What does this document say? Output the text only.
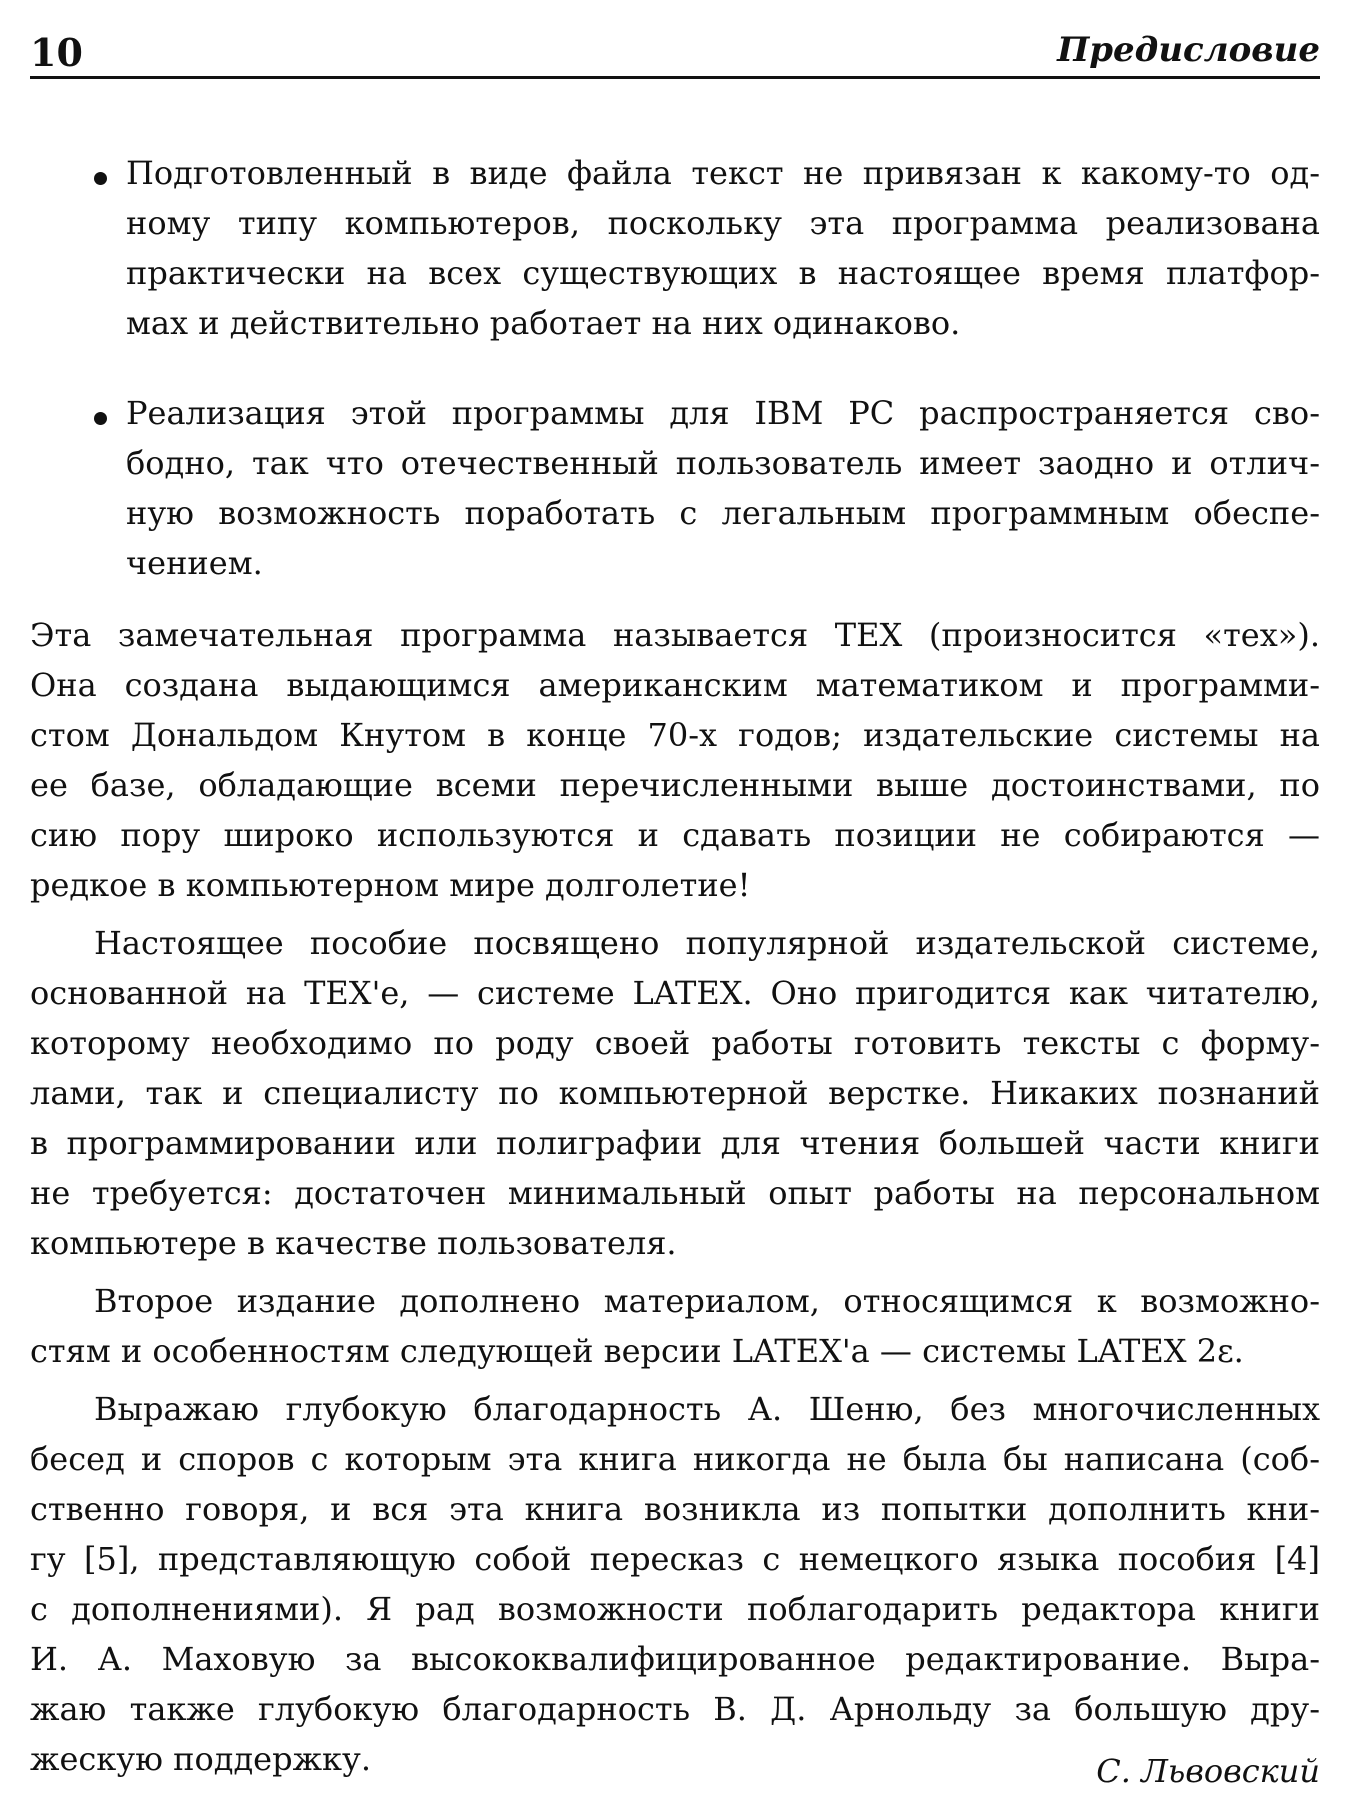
10	Предисловие
Подготовленный в виде файла текст не привязан к какому-то од-
ному типу компьютеров, поскольку эта программа реализована
практически на всех существующих в настоящее время платфор-
мах и действительно работает на них одинаково.
Реализация этой программы для IBM PC распространяется сво-
бодно, так что отечественный пользователь имеет заодно и отлич-
ную возможность поработать с легальным программным обеспе-
чением.
Эта замечательная программа называется TEX (произносится «тех»).
Она создана выдающимся американским математиком и программи-
стом Дональдом Кнутом в конце 70-х годов; издательские системы на
ее базе, обладающие всеми перечисленными выше достоинствами, по
сию пору широко используются и сдавать позиции не собираются —
редкое в компьютерном мире долголетие!
Настоящее пособие посвящено популярной издательской системе,
основанной на TEX'е, — системе LATEX. Оно пригодится как читателю,
которому необходимо по роду своей работы готовить тексты с форму-
лами, так и специалисту по компьютерной верстке. Никаких познаний
в программировании или полиграфии для чтения большей части книги
не требуется: достаточен минимальный опыт работы на персональном
компьютере в качестве пользователя.
Второе издание дополнено материалом, относящимся к возможно-
стям и особенностям следующей версии LATEX'а — системы LATEX 2ε.
Выражаю глубокую благодарность А. Шеню, без многочисленных
бесед и споров с которым эта книга никогда не была бы написана (соб-
ственно говоря, и вся эта книга возникла из попытки дополнить кни-
гу [5], представляющую собой пересказ с немецкого языка пособия [4]
с дополнениями). Я рад возможности поблагодарить редактора книги
И. А. Маховую за высококвалифицированное редактирование. Выра-
жаю также глубокую благодарность В. Д. Арнольду за большую дру-
жескую поддержку.	С. Львовский
